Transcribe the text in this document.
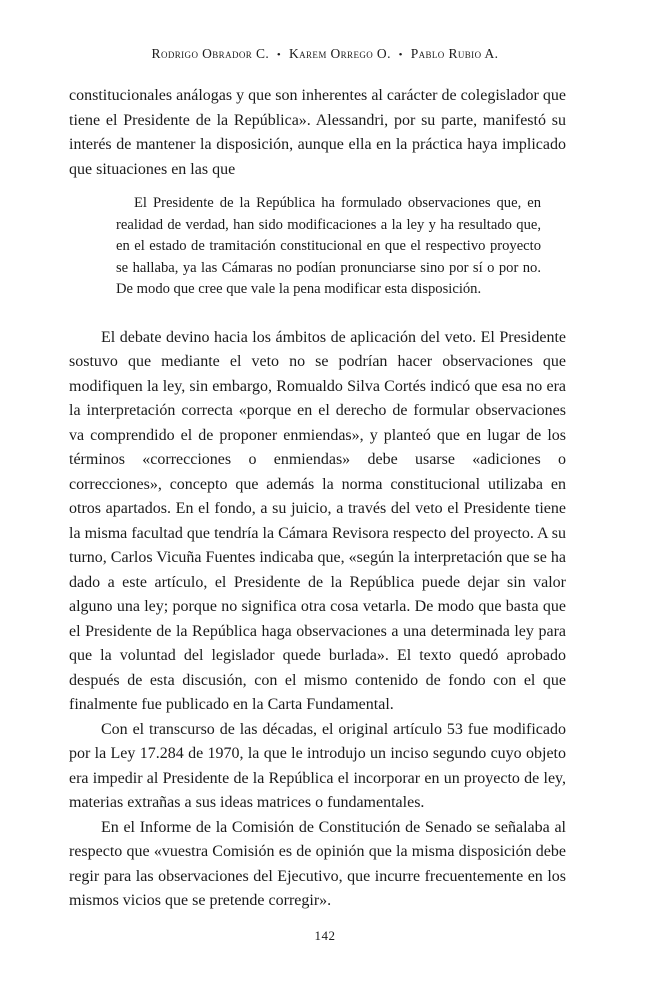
Rodrigo Obrador C. • Karem Orrego O. • Pablo Rubio A.

constitucionales análogas y que son inherentes al carácter de colegislador que tiene el Presidente de la República». Alessandri, por su parte, manifestó su interés de mantener la disposición, aunque ella en la práctica haya implicado que situaciones en las que

El Presidente de la República ha formulado observaciones que, en realidad de verdad, han sido modificaciones a la ley y ha resultado que, en el estado de tramitación constitucional en que el respectivo proyecto se hallaba, ya las Cámaras no podían pronunciarse sino por sí o por no. De modo que cree que vale la pena modificar esta disposición.

El debate devino hacia los ámbitos de aplicación del veto. El Presidente sostuvo que mediante el veto no se podrían hacer observaciones que modifiquen la ley, sin embargo, Romualdo Silva Cortés indicó que esa no era la interpretación correcta «porque en el derecho de formular observaciones va comprendido el de proponer enmiendas», y planteó que en lugar de los términos «correcciones o enmiendas» debe usarse «adiciones o correcciones», concepto que además la norma constitucional utilizaba en otros apartados. En el fondo, a su juicio, a través del veto el Presidente tiene la misma facultad que tendría la Cámara Revisora respecto del proyecto. A su turno, Carlos Vicuña Fuentes indicaba que, «según la interpretación que se ha dado a este artículo, el Presidente de la República puede dejar sin valor alguno una ley; porque no significa otra cosa vetarla. De modo que basta que el Presidente de la República haga observaciones a una determinada ley para que la voluntad del legislador quede burlada». El texto quedó aprobado después de esta discusión, con el mismo contenido de fondo con el que finalmente fue publicado en la Carta Fundamental.

Con el transcurso de las décadas, el original artículo 53 fue modificado por la Ley 17.284 de 1970, la que le introdujo un inciso segundo cuyo objeto era impedir al Presidente de la República el incorporar en un proyecto de ley, materias extrañas a sus ideas matrices o fundamentales.

En el Informe de la Comisión de Constitución de Senado se señalaba al respecto que «vuestra Comisión es de opinión que la misma disposición debe regir para las observaciones del Ejecutivo, que incurre frecuentemente en los mismos vicios que se pretende corregir».

142
